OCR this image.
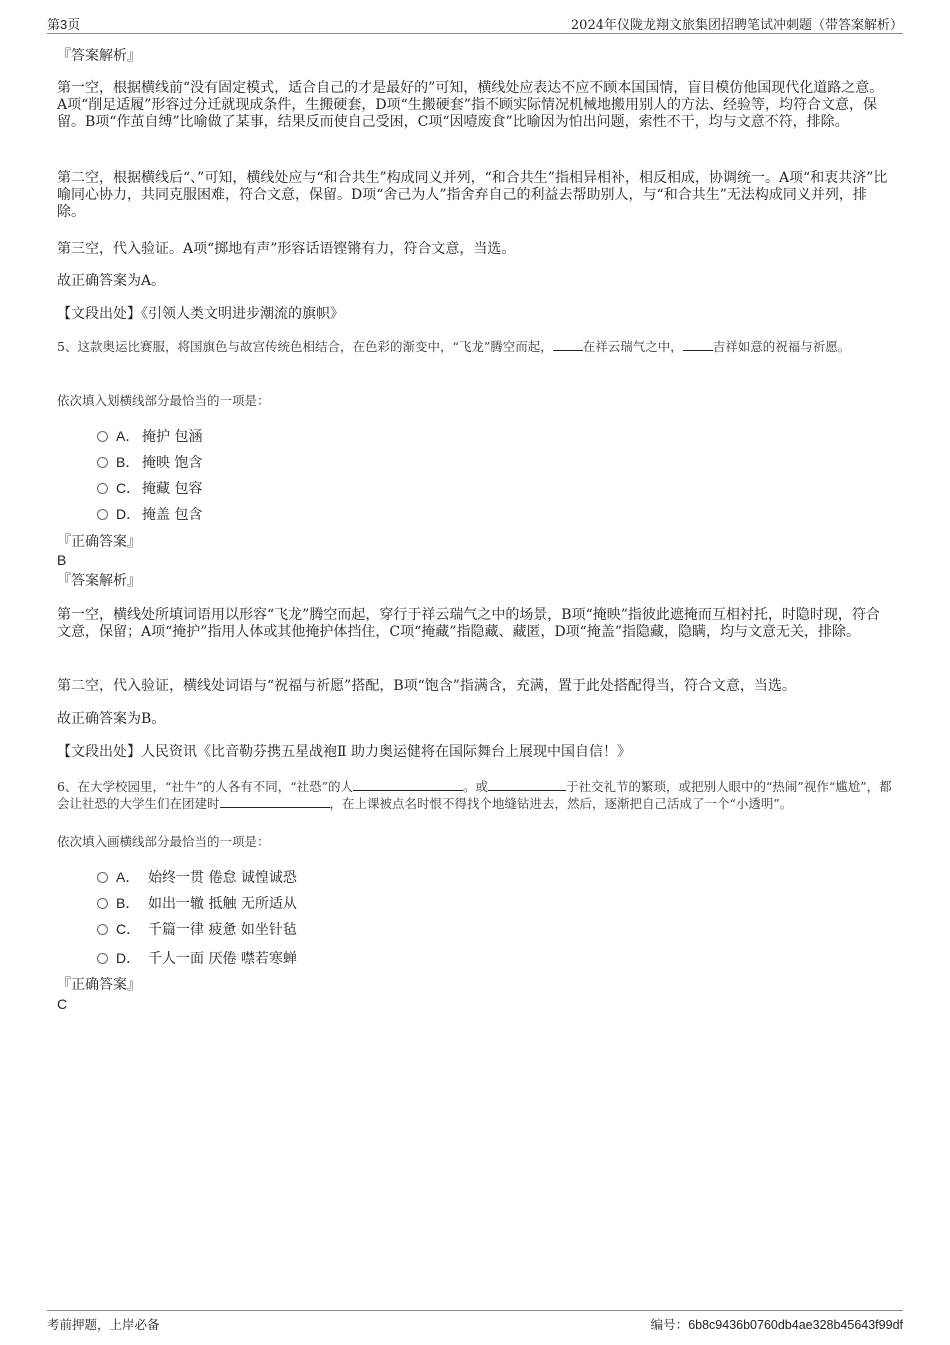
第3页	2024年仪陇龙翔文旅集团招聘笔试冲刺题（带答案解析）
『答案解析』

第一空，根据横线前“没有固定模式，适合自己的才是最好的”可知，横线处应表达不应不顾本国国情，盲目模仿他国现代化道路之意。A项“削足适履”形容过分迁就现成条件，生搬硬套，D项“生搬硬套”指不顾实际情况机械地搬用别人的方法、经验等，均符合文意，保留。B项“作茧自缚”比喻做了某事，结果反而使自己受困，C项“因噎废食”比喻因为怕出问题，索性不干，均与文意不符，排除。

第二空，根据横线后“、”可知，横线处应与“和合共生”构成同义并列，“和合共生”指相异相补，相反相成，协调统一。A项“和衷共济”比喻同心协力，共同克服困难，符合文意，保留。D项“舍己为人”指舍弃自己的利益去帮助别人，与“和合共生”无法构成同义并列，排除。

第三空，代入验证。A项“掷地有声”形容话语铿锵有力，符合文意，当选。

故正确答案为A。

【文段出处】《引领人类文明进步潮流的旗帜》

5、这款奥运比赛服，将国旗色与故宫传统色相结合，在色彩的渐变中，“飞龙”腾空而起， 在祥云瑞气之中， 吉祥如意的祝福与祈愿。

依次填入划横线部分最恰当的一项是：

A． 掩护 包涵
B． 掩映 饱含
C． 掩藏 包容
D． 掩盖 包含
『正确答案』
B
『答案解析』

第一空，横线处所填词语用以形容“飞龙”腾空而起，穿行于祥云瑞气之中的场景，B项“掩映”指彼此遮掩而互相衬托，时隐时现，符合文意，保留；A项“掩护”指用人体或其他掩护体挡住，C项“掩藏”指隐藏、藏匿，D项“掩盖”指隐藏，隐瞒，均与文意无关，排除。

第二空，代入验证，横线处词语与“祝福与祈愿”搭配，B项“饱含”指满含，充满，置于此处搭配得当，符合文意，当选。

故正确答案为B。

【文段出处】人民资讯《比音勒芬携五星战袍Ⅱ 助力奥运健将在国际舞台上展现中国自信！》

6、在大学校园里，“社牛”的人各有不同，“社恐”的人	。或	于社交礼节的繁琐，或把别人眼中的“热闹”视作“尴尬”，都会让社恐的大学生们在团建时	，在上课被点名时恨不得找个地缝钻进去，然后，逐渐把自己活成了一个“小透明”。

依次填入画横线部分最恰当的一项是：

A． 始终一贯 倦怠 诚惶诚恐
B． 如出一辙 抵触 无所适从
C． 千篇一律 疲惫 如坐针毡
D． 千人一面 厌倦 噤若寒蝉
『正确答案』
C
考前押题，上岸必备	编号：6b8c9436b0760db4ae328b45643f99df
